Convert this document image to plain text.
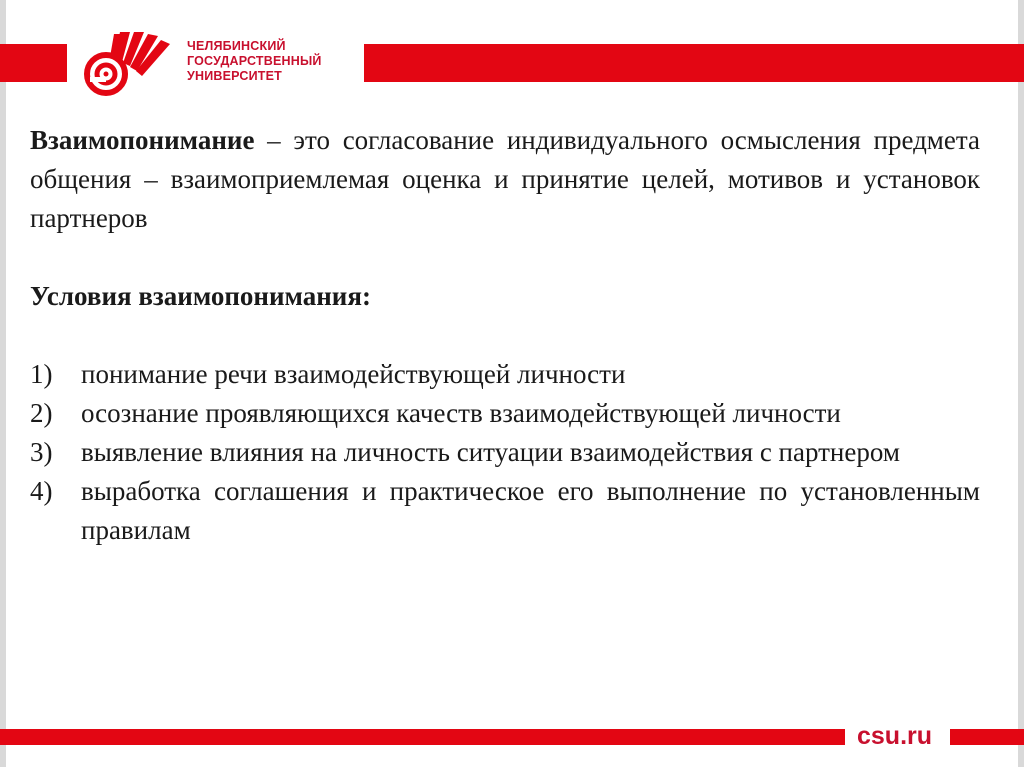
ЧЕЛЯБИНСКИЙ
ГОСУДАРСТВЕННЫЙ
УНИВЕРСИТЕТ

Взаимопонимание – это согласование индивидуального осмысления предмета общения – взаимоприемлемая оценка и принятие целей, мотивов и установок партнеров

Условия взаимопонимания:

1)	понимание речи взаимодействующей личности
2)	осознание проявляющихся качеств взаимодействующей личности
3)	выявление влияния на личность ситуации взаимодействия с партнером
4)	выработка соглашения и практическое его выполнение по установленным правилам
csu.ru
